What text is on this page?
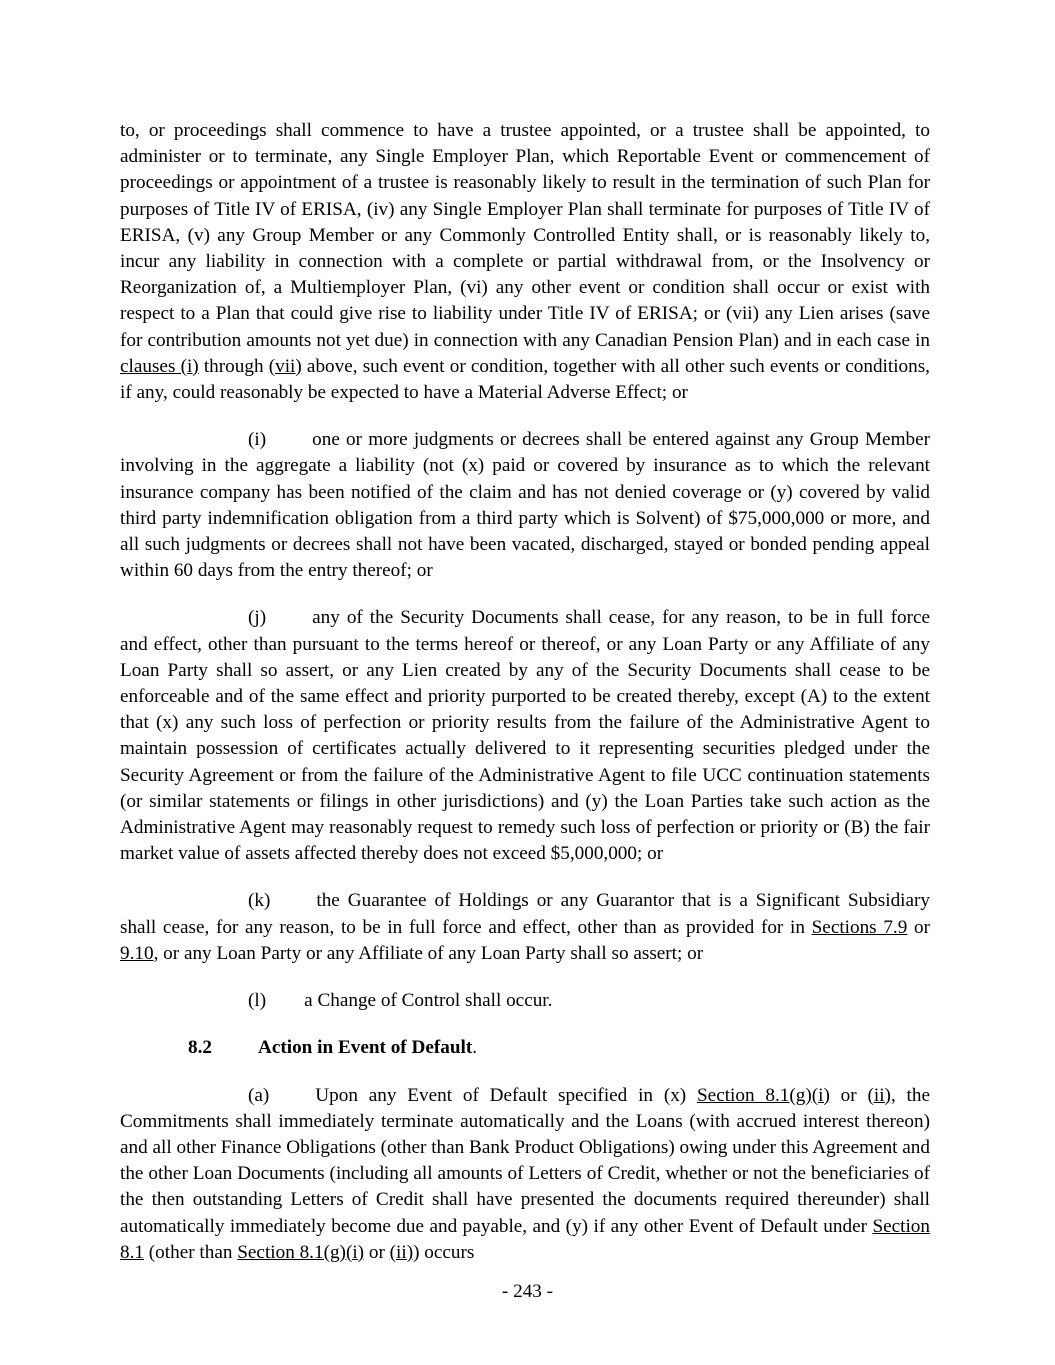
to, or proceedings shall commence to have a trustee appointed, or a trustee shall be appointed, to administer or to terminate, any Single Employer Plan, which Reportable Event or commencement of proceedings or appointment of a trustee is reasonably likely to result in the termination of such Plan for purposes of Title IV of ERISA, (iv) any Single Employer Plan shall terminate for purposes of Title IV of ERISA, (v) any Group Member or any Commonly Controlled Entity shall, or is reasonably likely to, incur any liability in connection with a complete or partial withdrawal from, or the Insolvency or Reorganization of, a Multiemployer Plan, (vi) any other event or condition shall occur or exist with respect to a Plan that could give rise to liability under Title IV of ERISA; or (vii) any Lien arises (save for contribution amounts not yet due) in connection with any Canadian Pension Plan) and in each case in clauses (i) through (vii) above, such event or condition, together with all other such events or conditions, if any, could reasonably be expected to have a Material Adverse Effect; or

(i) one or more judgments or decrees shall be entered against any Group Member involving in the aggregate a liability (not (x) paid or covered by insurance as to which the relevant insurance company has been notified of the claim and has not denied coverage or (y) covered by valid third party indemnification obligation from a third party which is Solvent) of $75,000,000 or more, and all such judgments or decrees shall not have been vacated, discharged, stayed or bonded pending appeal within 60 days from the entry thereof; or

(j) any of the Security Documents shall cease, for any reason, to be in full force and effect, other than pursuant to the terms hereof or thereof, or any Loan Party or any Affiliate of any Loan Party shall so assert, or any Lien created by any of the Security Documents shall cease to be enforceable and of the same effect and priority purported to be created thereby, except (A) to the extent that (x) any such loss of perfection or priority results from the failure of the Administrative Agent to maintain possession of certificates actually delivered to it representing securities pledged under the Security Agreement or from the failure of the Administrative Agent to file UCC continuation statements (or similar statements or filings in other jurisdictions) and (y) the Loan Parties take such action as the Administrative Agent may reasonably request to remedy such loss of perfection or priority or (B) the fair market value of assets affected thereby does not exceed $5,000,000; or

(k) the Guarantee of Holdings or any Guarantor that is a Significant Subsidiary shall cease, for any reason, to be in full force and effect, other than as provided for in Sections 7.9 or 9.10, or any Loan Party or any Affiliate of any Loan Party shall so assert; or

(l) a Change of Control shall occur.

8.2 Action in Event of Default.

(a) Upon any Event of Default specified in (x) Section 8.1(g)(i) or (ii), the Commitments shall immediately terminate automatically and the Loans (with accrued interest thereon) and all other Finance Obligations (other than Bank Product Obligations) owing under this Agreement and the other Loan Documents (including all amounts of Letters of Credit, whether or not the beneficiaries of the then outstanding Letters of Credit shall have presented the documents required thereunder) shall automatically immediately become due and payable, and (y) if any other Event of Default under Section 8.1 (other than Section 8.1(g)(i) or (ii)) occurs

- 243 -
